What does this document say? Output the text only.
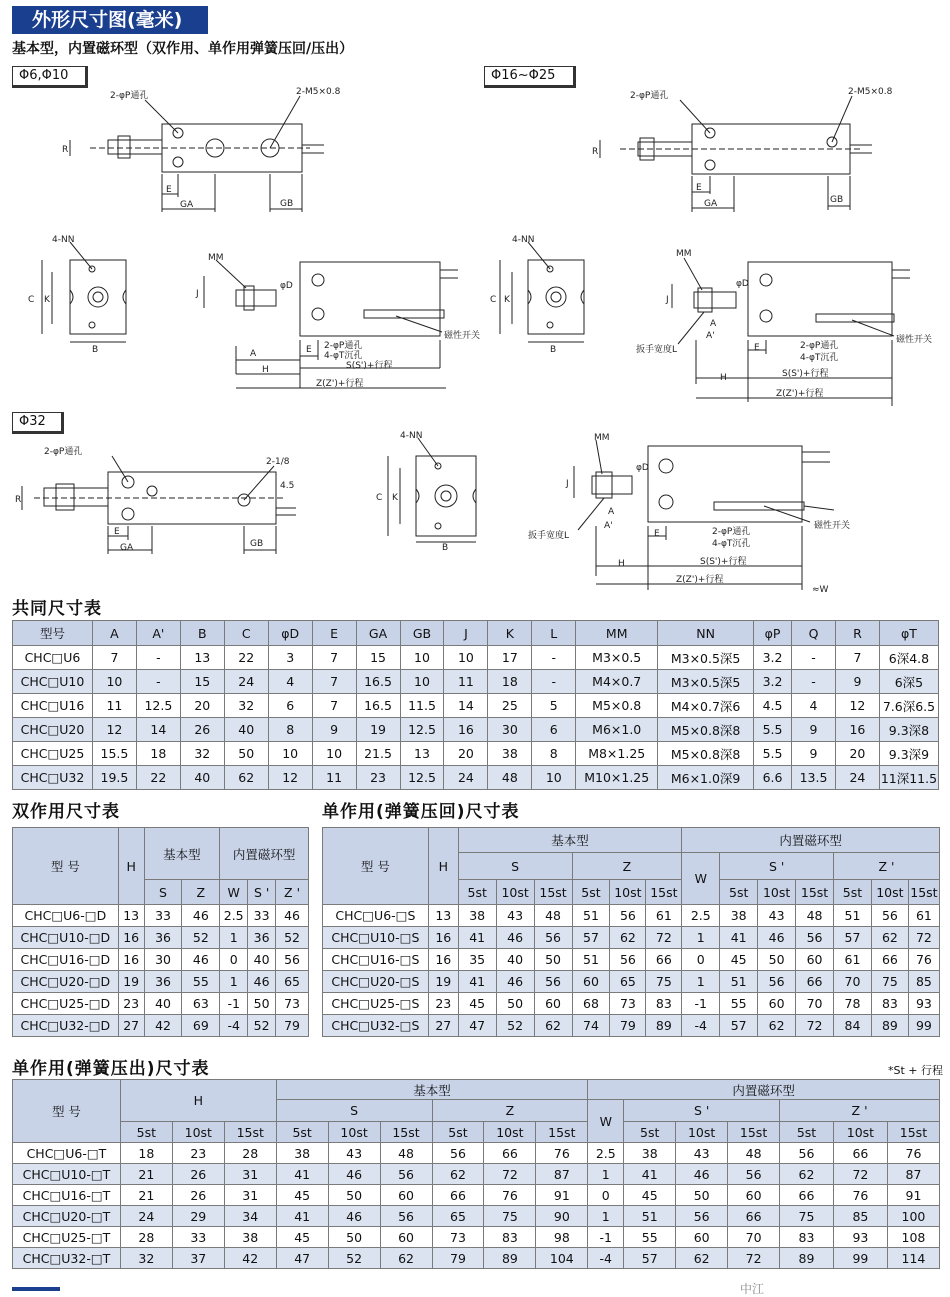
外形尺寸图(毫米)
基本型，内置磁环型（双作用、单作用弹簧压回/压出）
Φ6,Φ10	Φ16~Φ25
Φ32
2-φP通孔	2-M5×0.8
R
E
GA	GB
2-φP通孔	2-M5×0.8
R
E
GA	GB
4-NN
C K
B
MM
J
φD
A	E
H
2-φP通孔
4-φT沉孔
S(S')+行程
Z(Z')+行程
磁性开关
4-NN
C K
B
MM
J
φD
A
A'
扳手宽度L	E	2-φP通孔
4-φT沉孔
H	S(S')+行程
Z(Z')+行程
磁性开关
2-φP通孔
2-1/8
4.5
R
E
GA	GB
4-NN
C K
B
MM
J
φD
A
A'
扳手宽度L	E	2-φP通孔
4-φT沉孔
H	S(S')+行程
Z(Z')+行程
磁性开关
≈W
共同尺寸表
型号	A	A'	B	C	φD	E	GA	GB	J	K	L	MM	NN	φP	Q	R	φT
CHC□U6	7	-	13	22	3	7	15	10	10	17	-	M3×0.5	M3×0.5深5	3.2	-	7	6深4.8
CHC□U10	10	-	15	24	4	7	16.5	10	11	18	-	M4×0.7	M3×0.5深5	3.2	-	9	6深5
CHC□U16	11	12.5	20	32	6	7	16.5	11.5	14	25	5	M5×0.8	M4×0.7深6	4.5	4	12	7.6深6.5
CHC□U20	12	14	26	40	8	9	19	12.5	16	30	6	M6×1.0	M5×0.8深8	5.5	9	16	9.3深8
CHC□U25	15.5	18	32	50	10	10	21.5	13	20	38	8	M8×1.25	M5×0.8深8	5.5	9	20	9.3深9
CHC□U32	19.5	22	40	62	12	11	23	12.5	24	48	10	M10×1.25	M6×1.0深9	6.6	13.5	24	11深11.5
双作用尺寸表
型 号	H	基本型		内置磁环型		
		S	Z	W	S '	Z '
CHC□U6-□D	13	33	46	2.5	33	46
CHC□U10-□D	16	36	52	1	36	52
CHC□U16-□D	16	30	46	0	40	56
CHC□U20-□D	19	36	55	1	46	65
CHC□U25-□D	23	40	63	-1	50	73
CHC□U32-□D	27	42	69	-4	52	79
单作用(弹簧压回)尺寸表
型 号	H	基本型						内置磁环型						
		S			Z			W	S '			Z '		
		5st	10st	15st	5st	10st	15st		5st	10st	15st	5st	10st	15st
CHC□U6-□S	13	38	43	48	51	56	61	2.5	38	43	48	51	56	61
CHC□U10-□S	16	41	46	56	57	62	72	1	41	46	56	57	62	72
CHC□U16-□S	16	35	40	50	51	56	66	0	45	50	60	61	66	76
CHC□U20-□S	19	41	46	56	60	65	75	1	51	56	66	70	75	85
CHC□U25-□S	23	45	50	60	68	73	83	-1	55	60	70	78	83	93
CHC□U32-□S	27	47	52	62	74	79	89	-4	57	62	72	84	89	99
单作用(弹簧压出)尺寸表	*St + 行程
型 号	H			基本型						内置磁环型						
				S			Z			W	S '			Z '		
	5st	10st	15st	5st	10st	15st	5st	10st	15st		5st	10st	15st	5st	10st	15st
CHC□U6-□T	18	23	28	38	43	48	56	66	76	2.5	38	43	48	56	66	76
CHC□U10-□T	21	26	31	41	46	56	62	72	87	1	41	46	56	62	72	87
CHC□U16-□T	21	26	31	45	50	60	66	76	91	0	45	50	60	66	76	91
CHC□U20-□T	24	29	34	41	46	56	65	75	90	1	51	56	66	75	85	100
CHC□U25-□T	28	33	38	45	50	60	73	83	98	-1	55	60	70	83	93	108
CHC□U32-□T	32	37	42	47	52	62	79	89	104	-4	57	62	72	89	99	114
中江
